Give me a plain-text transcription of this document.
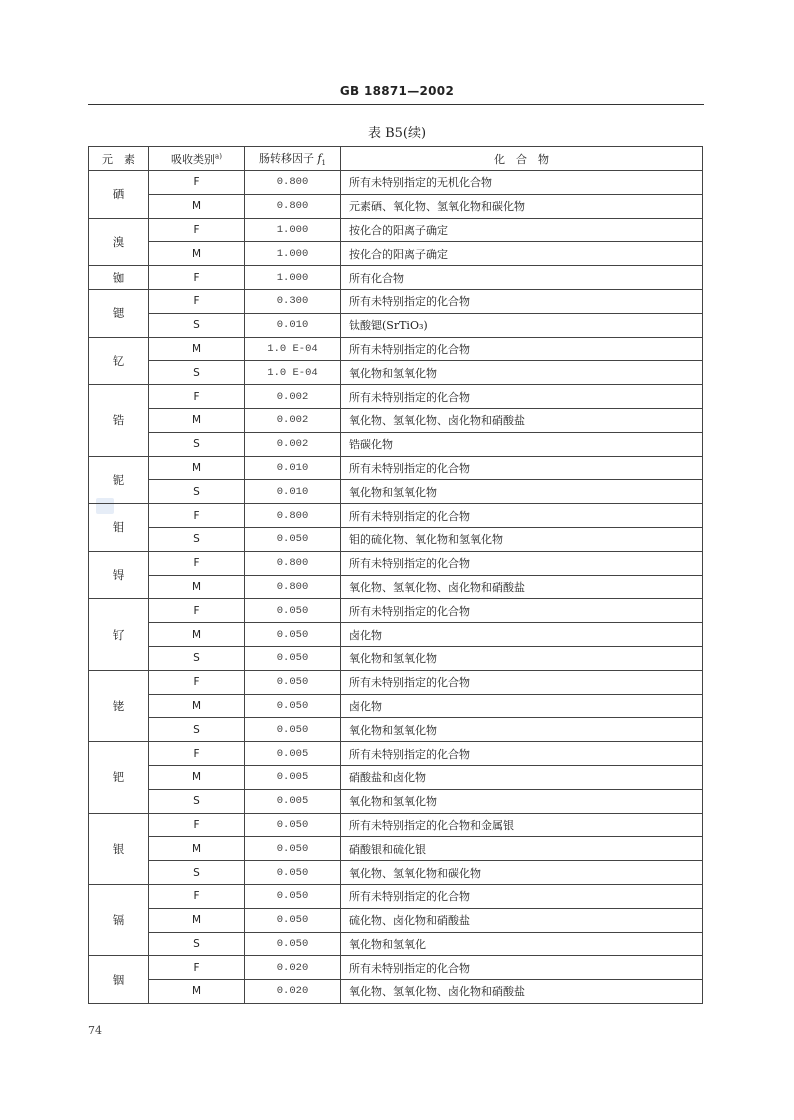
GB 18871—2002
表 B5(续)
元　素	吸收类别$^{a)}$	肠转移因子 $f_1$	化　合　物
硒	F	0.800	所有未特别指定的无机化合物
	M	0.800	元素硒、氧化物、氢氧化物和碳化物
溴	F	1.000	按化合的阳离子确定
	M	1.000	按化合的阳离子确定
铷	F	1.000	所有化合物
锶	F	0.300	所有未特别指定的化合物
	S	0.010	钛酸锶(SrTiO₃)
钇	M	1.0 E-04	所有未特别指定的化合物
	S	1.0 E-04	氧化物和氢氧化物
锆	F	0.002	所有未特别指定的化合物
	M	0.002	氧化物、氢氧化物、卤化物和硝酸盐
	S	0.002	锆碳化物
铌	M	0.010	所有未特别指定的化合物
	S	0.010	氧化物和氢氧化物
钼	F	0.800	所有未特别指定的化合物
	S	0.050	钼的硫化物、氧化物和氢氧化物
锝	F	0.800	所有未特别指定的化合物
	M	0.800	氧化物、氢氧化物、卤化物和硝酸盐
钌	F	0.050	所有未特别指定的化合物
	M	0.050	卤化物
	S	0.050	氧化物和氢氧化物
铑	F	0.050	所有未特别指定的化合物
	M	0.050	卤化物
	S	0.050	氧化物和氢氧化物
钯	F	0.005	所有未特别指定的化合物
	M	0.005	硝酸盐和卤化物
	S	0.005	氧化物和氢氧化物
银	F	0.050	所有未特别指定的化合物和金属银
	M	0.050	硝酸银和硫化银
	S	0.050	氧化物、氢氧化物和碳化物
镉	F	0.050	所有未特别指定的化合物
	M	0.050	硫化物、卤化物和硝酸盐
	S	0.050	氧化物和氢氧化
铟	F	0.020	所有未特别指定的化合物
	M	0.020	氧化物、氢氧化物、卤化物和硝酸盐
74
